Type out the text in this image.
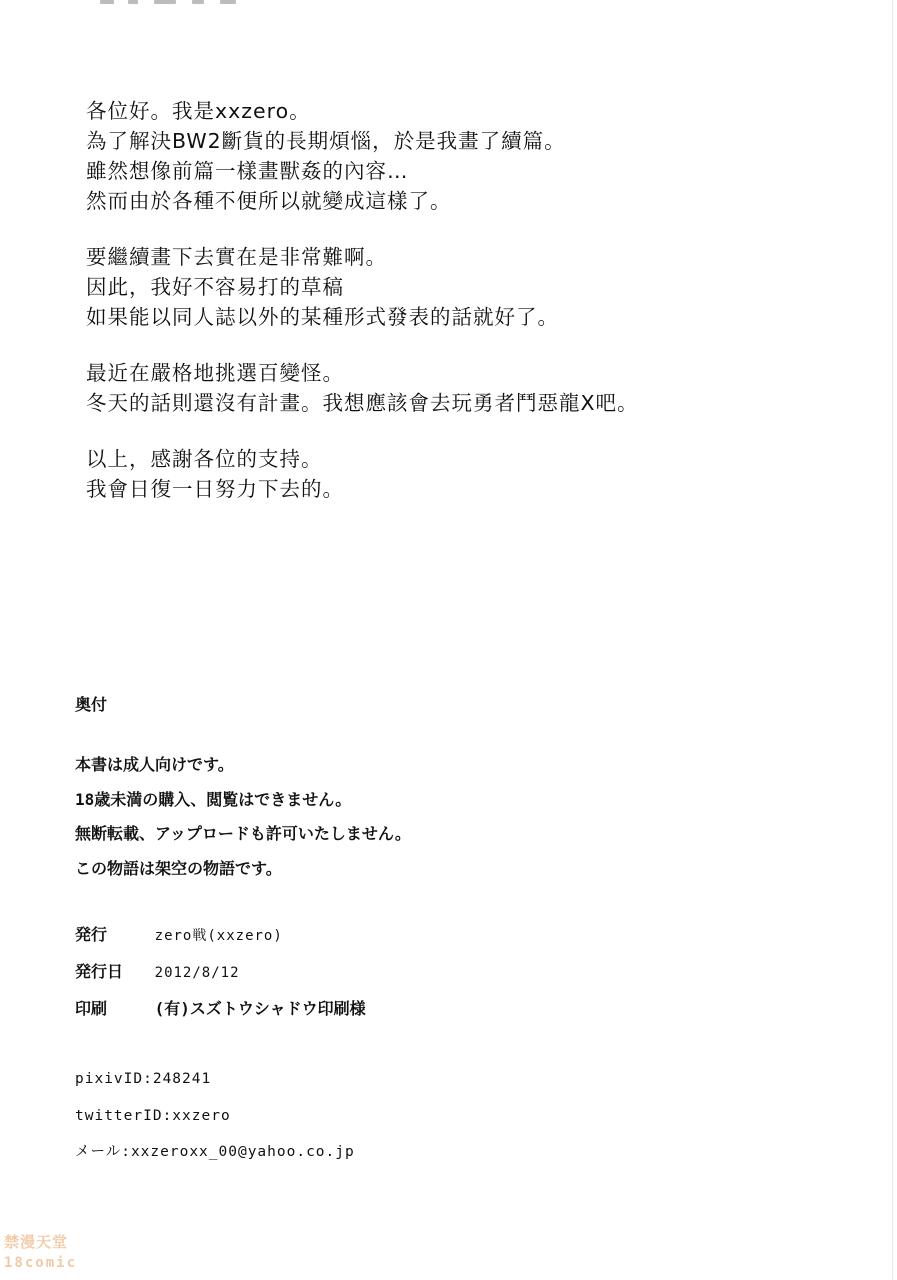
各位好。我是xxzero。
為了解決BW2斷貨的長期煩惱，於是我畫了續篇。
雖然想像前篇一樣畫獸姦的內容…
然而由於各種不便所以就變成這樣了。
要繼續畫下去實在是非常難啊。
因此，我好不容易打的草稿
如果能以同人誌以外的某種形式發表的話就好了。
最近在嚴格地挑選百變怪。
冬天的話則還沒有計畫。我想應該會去玩勇者鬥惡龍X吧。
以上，感謝各位的支持。
我會日復一日努力下去的。
奥付
本書は成人向けです。
18歳未満の購入、閲覧はできません。
無断転載、アップロードも許可いたしません。
この物語は架空の物語です。
発行	zero戦(xxzero)
発行日 2012/8/12
印刷	(有)スズトウシャドウ印刷様
pixivID:248241
twitterID:xxzero
メール:xxzeroxx_00@yahoo.co.jp
禁漫天堂
18comic
